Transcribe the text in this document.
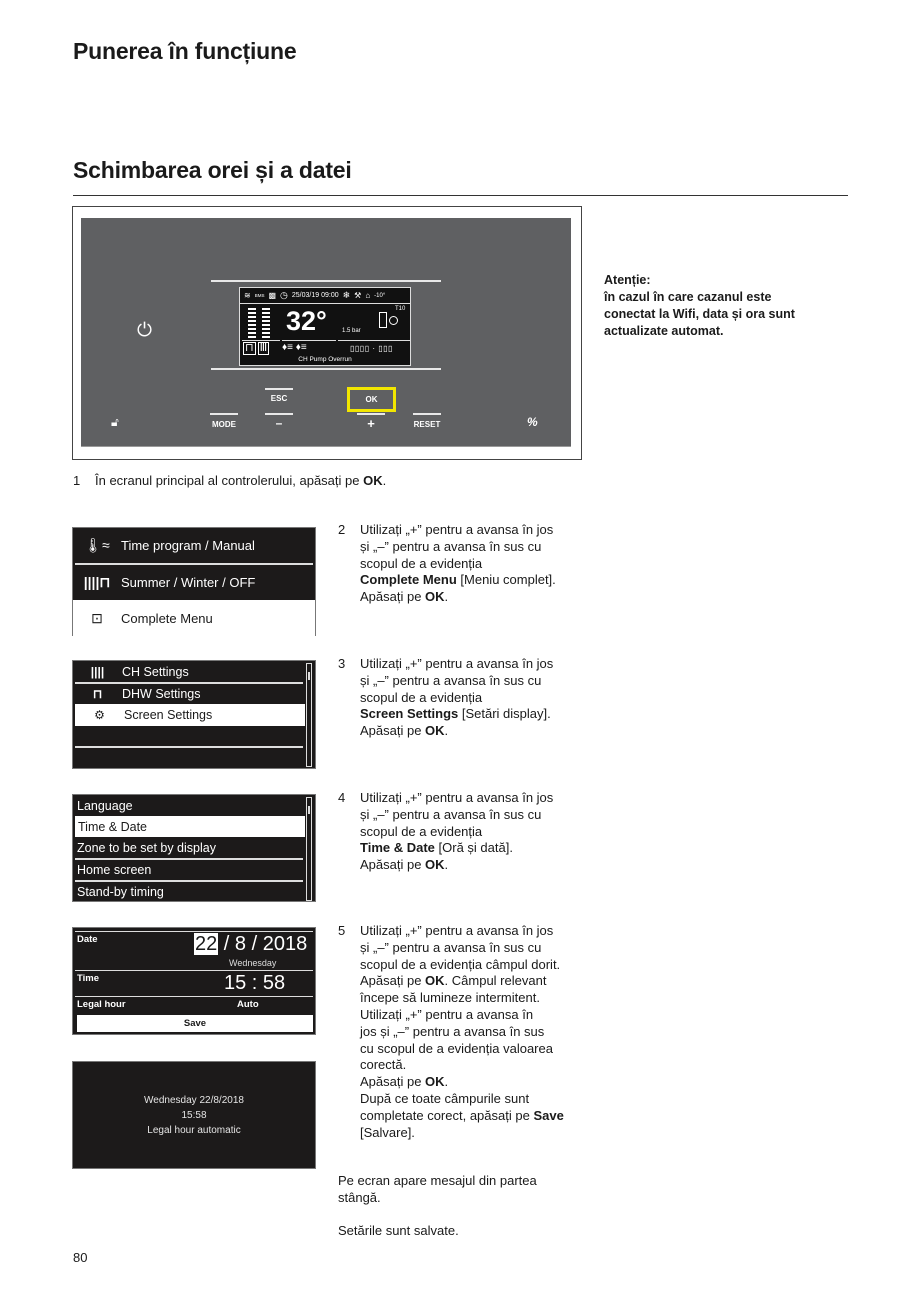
Punerea în funcțiune
Schimbarea orei și a datei
⏻
ESC
MODE	–	+	RESET
🔓︎	%
OK
≋ BMS ▩ ◷ 25/03/19 09:00 ❄ ⚒ ⌂ -10°
32°	1.5 bar
T10
⊓ Ⅲ ♦≡ ♦≡	▯▯▯▯ · ▯▯▯
CH Pump Overrun
Atenție:
în cazul în care cazanul este
conectat la Wifi, data și ora sunt
actualizate automat.
1 În ecranul principal al controlerului, apăsați pe OK.
🌡︎≈ Time program / Manual
||||⊓ Summer / Winter / OFF
⊡	Complete Menu
2 Utilizați „+” pentru a avansa în jos
și „–” pentru a avansa în sus cu
scopul de a evidenția
Complete Menu [Meniu complet].
Apăsați pe OK.
||||	CH Settings
⊓	DHW Settings
⚙	Screen Settings
3 Utilizați „+” pentru a avansa în jos
și „–” pentru a avansa în sus cu
scopul de a evidenția
Screen Settings [Setări display].
Apăsați pe OK.
Language
Time & Date
Zone to be set by display
Home screen
Stand-by timing
4 Utilizați „+” pentru a avansa în jos
și „–” pentru a avansa în sus cu
scopul de a evidenția
Time & Date [Oră și dată].
Apăsați pe OK.
Date	22 / 8 / 2018
Wednesday
Time	15 : 58
Legal hour	Auto
Save
5 Utilizați „+” pentru a avansa în jos
și „–” pentru a avansa în sus cu
scopul de a evidenția câmpul dorit.
Apăsați pe OK. Câmpul relevant
începe să lumineze intermitent.
Utilizați „+” pentru a avansa în
jos și „–” pentru a avansa în sus
cu scopul de a evidenția valoarea
corectă.
Apăsați pe OK.
După ce toate câmpurile sunt
completate corect, apăsați pe Save
[Salvare].
Wednesday 22/8/2018
15:58
Legal hour automatic
Pe ecran apare mesajul din partea
stângă.
Setările sunt salvate.
80
